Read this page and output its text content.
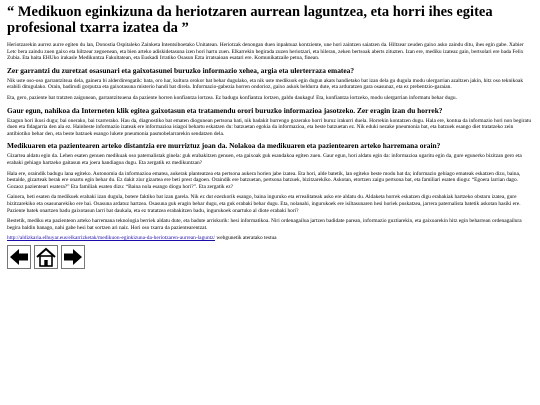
“ Medikuon eginkizuna da heriotzaren aurrean laguntzea, eta horri ihes egitea profesional txarra izatea da ”

Heriotzarekin aurrez aurre egiten du lan, Donostia Ospitaleko Zainketa Intentsiboetako Unitatean. Heriotzak denongan duen inpaktuaz kontziente, une hori zaintzen saiatzen da. Hiltzear zeuden gaixo asko zaindu ditu, ihes egin gabe. Xabier Letc bera zaindu zuen gaixo eta hiltzear zegoenean, eta bien arteko adiskidetasuna izen hori hartu zuen. Elkarrekin begirada zuzen heriotzari, eta hileran, zeken bertsoak aberts zituzten. Izan ere, mediku izateaz gain, bertsolari ere bada Felix Zubia. Eta baita EHUko irakasle Medikuntza Fakultatean, eta Euskadi Irratiko Osasun Ezta irratsaioan esatari ere. Komunikatzaile petoa, finean.

Zer garrantzi du zuretzat osasunari eta gaixotasunei buruzko informazio xehea, argia eta ulerterraza ematea?

Nik uste oso-oso garrantzitsua dela, gainera bi alderdirengatik: bata, oro har, kultura orokor bat behar dugulako, eta nik uste medikuok egin dugun akats handietako bat izan dela gu dugula modu ulergarrian azaltzen jakin, hitz oso teknikoak erabili ditugulako. Orain, badirudi gorputza eta gaixotasuna misterio handi bat direla. Informazio-gabezia horren ondorioz, gaixo askok beldurra dute, eta arduratzen gara osasunaz, eta ez prebentzio-garaian.

Eta, gero, paziente bat tratzten zaigunean, garrantzitsuena da paziente horren konfiantza lortzea. Ez badugu konfiantza lortzen, galdu daukagu! Eta, konfiantza lortzeko, modu ulergarrian informatu behar dugu.

Gaur egun, nahikoa da Interneten klik egitea gaixotasun eta tratamendu orori buruzko informazioa jasotzeko. Zer eragin izan du horrek?

Ezagun hori ikusi dugu; bai onerako, bai txarrerako. Hau da, diagnostiko bat ematen diogunean pertsona bati, nik badakit hurrengo gozerako horri buruz irakurri duela. Horrekin kontatzen dugu. Hala ere, kontua da informazio hori non begiratu duen eta fidagarria den ala ez. Hainbeste informazio izateak ere informazioa isiagoi behartu eskatzen du: batzuetan egokia da informazioa, eta beste batzuetan ez. Nik eduki nezake pneumonia bat, eta batzuek esango diet tratatzeko zein antibiotiko behar den, eta beste batzuek esango lukete pneumonia pasmobelarrarekin sendatzen dela.

Medikuaren eta pazientearen arteko distantzia ere murriztuz joan da. Nolakoa da medikuaren eta pazientearen arteko harremana orain?

Gizartea aldatu egin da. Lehen esaten genuen medikuak oso paternalistak ginela: guk erabakitzen genuen, eta gaixoak guk esandakoa egiten zuen. Gaur egun, hori aldatu egin da: informazioa ugaritu egin da, gure egunerko bizitzan gero eta erabaki gehiago hartzeko gaitasun eta joera handiagoa dugu. Eta zergatik ez medikuntzan?

Hala ere, oraindik badugu lana egiteko. Autonomia da informazioa ematea, aukerak planteatzea eta pertsona aukera horien jabe izatea. Eta hori, alde batetik, lan egiteko beste modu bat da; informazio gehiago emateak eskatzen dizu, baina, bestalde, gizarteak berak ere onartu egin behar du. Ez dakit ziur gizartea ere beti prest dagoen. Oraindik ere batzuetan, pertsona batzuek, bizitzarekiko. Askotan, etortzen zaigu pertsona bat, eta familiari esaten diogu: “Egoera larrian dago. Gozaoz pazienteari esatera?” Eta familiak esaten dizu: “Baina nola esango diogu hori?”. Eta zergatik ez?

Gainera, beti esaten da medikuek erabaki izan dugula, botere faktiko bat izan garela. Nik ez dut ezezkorik esango, baina inguruko eta errealitateak asko ere aldatu du. Aldaketa horrek eskatzen digu erabakiak hartzeko obstaru izatea, gure bizitzarekiko eta osasunarekiko ere bai. Osasuna ardatuz hartzea. Osasuna guk eragin behar dugu, eta guk erabaki behar dugu. Eta, nolanahi, ingurukoek ere isiltasunaren hesi horiek puskatzea, jarrera paternalista batetik askotan hasiki ere. Paziente batek onartzen badu gaixotasun larri bat daukala, eta ez tratatzea erabakitzen badu, ingurukoek onartuko al diote erabaki hori?

Bestetik, mediku eta pazienteon arteko harremana teknologia berriek aldatu dute, eta badute arriskurik: hesi informatikoa. Niri ordenagailua jartzen badidate parean, informazio guztiarekin, eta gaixoarekin hitz egin beharrean ordenagailura begira baldin banago, nahi gabe hesi bat sortzen ari naiz. Hori oso txarra da pazientearentzat.

http://aldizkaria.elhuyar.eus/elkarrizketak/medikuon-eginkizuna-da-heriotzaren-aurrean-laguntz/ webgunetik ateratako testua
